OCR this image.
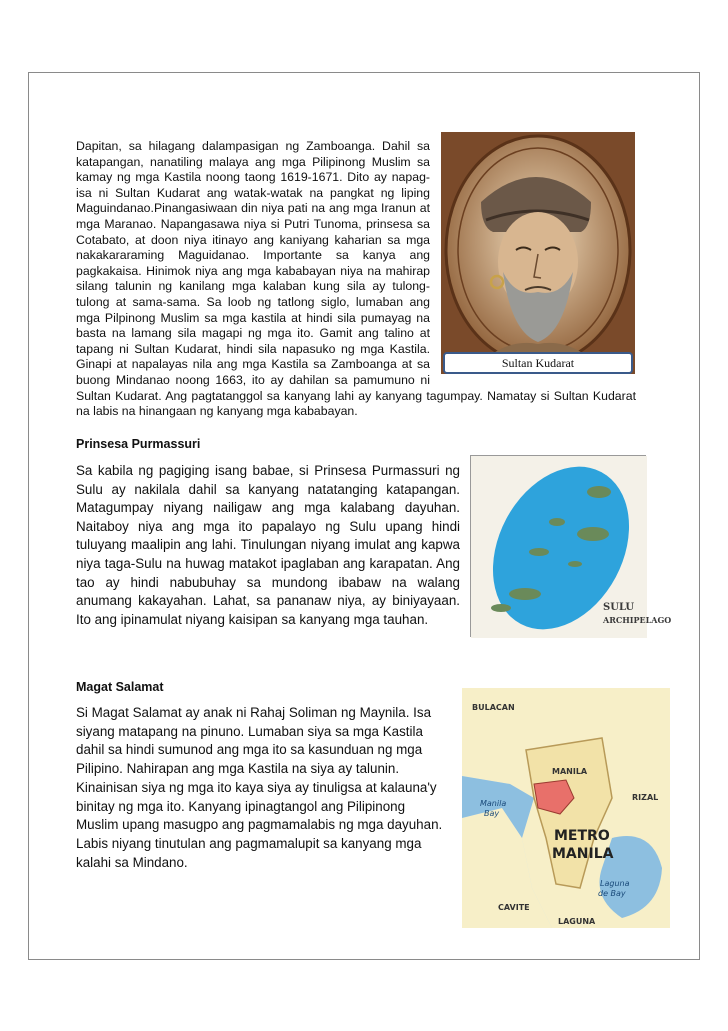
Dapitan, sa hilagang dalampasigan ng Zamboanga. Dahil sa katapangan, nanatiling malaya ang mga Pilipinong Muslim sa kamay ng mga Kastila noong taong 1619-1671. Dito ay napag-isa ni Sultan Kudarat ang watak-watak na pangkat ng liping Maguindanao.Pinangasiwaan din niya pati na ang mga Iranun at mga Maranao. Napangasawa niya si Putri Tunoma, prinsesa sa Cotabato, at doon niya itinayo ang kaniyang kaharian sa mga nakakararaming Maguidanao. Importante sa kanya ang pagkakaisa. Hinimok niya ang mga kababayan niya na mahirap silang talunin ng kanilang mga kalaban kung sila ay tulong-tulong at sama-sama. Sa loob ng tatlong siglo, lumaban ang mga Pilpinong Muslim sa mga kastila at hindi sila pumayag na basta na lamang sila magapi ng mga ito. Gamit ang talino at tapang ni Sultan Kudarat, hindi sila napasuko ng mga Kastila. Ginapi at napalayas nila ang mga Kastila sa Zamboanga at sa buong Mindanao noong 1663, ito ay dahilan sa pamumuno ni Sultan Kudarat. Ang pagtatanggol sa kanyang lahi ay kanyang tagumpay. Namatay si Sultan Kudarat na labis na hinangaan ng kanyang mga kababayan.

Sultan Kudarat
Prinsesa Purmassuri
Sa kabila ng pagiging isang babae, si Prinsesa Purmassuri ng Sulu ay nakilala dahil sa kanyang natatanging katapangan. Matagumpay niyang nailigaw ang mga kalabang dayuhan. Naitaboy niya ang mga ito papalayo ng Sulu upang hindi tuluyang maalipin ang lahi. Tinulungan niyang imulat ang kapwa niya taga-Sulu na huwag matakot ipaglaban ang karapatan. Ang tao ay hindi nabubuhay sa mundong ibabaw na walang anumang kakayahan. Lahat, sa pananaw niya, ay biniyayaan. Ito ang ipinamulat niyang kaisipan sa kanyang mga tauhan.
SULU
ARCHIPELAGO
Magat Salamat
Si Magat Salamat ay anak ni Rahaj Soliman ng Maynila. Isa siyang matapang na pinuno. Lumaban siya sa mga Kastila dahil sa hindi sumunod ang mga ito sa kasunduan ng mga Pilipino. Nahirapan ang mga Kastila na siya ay talunin. Kinainisan siya ng mga ito kaya siya ay tinuligsa at kalauna'y binitay ng mga ito. Kanyang ipinagtangol ang Pilipinong Muslim upang masugpo ang pagmamalabis ng mga dayuhan. Labis niyang tinutulan ang pagmamalupit sa kanyang mga kalahi sa Mindano.
BULACAN
MANILA
RIZAL
Manila
Bay
METRO
MANILA
Laguna
de Bay
CAVITE
LAGUNA
